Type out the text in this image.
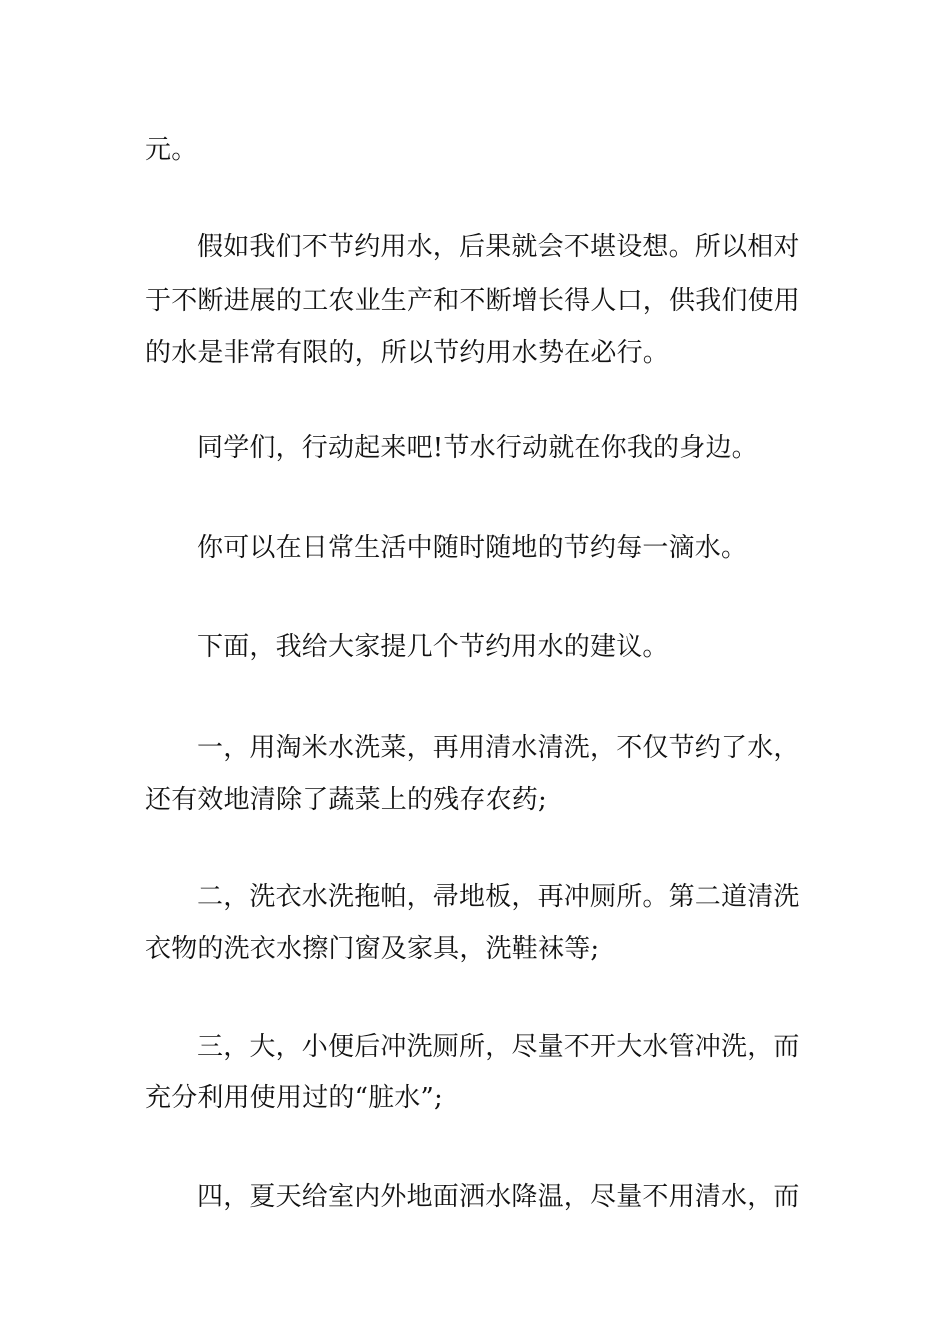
元。

假如我们不节约用水，后果就会不堪设想。所以相对

于不断进展的工农业生产和不断增长得人口，供我们使用

的水是非常有限的，所以节约用水势在必行。

同学们，行动起来吧!节水行动就在你我的身边。

你可以在日常生活中随时随地的节约每一滴水。

下面，我给大家提几个节约用水的建议。

一，用淘米水洗菜，再用清水清洗，不仅节约了水，

还有效地清除了蔬菜上的残存农药;

二，洗衣水洗拖帕，帚地板，再冲厕所。第二道清洗

衣物的洗衣水擦门窗及家具，洗鞋袜等;

三，大，小便后冲洗厕所，尽量不开大水管冲洗，而

充分利用使用过的“脏水”;

四，夏天给室内外地面洒水降温，尽量不用清水，而
